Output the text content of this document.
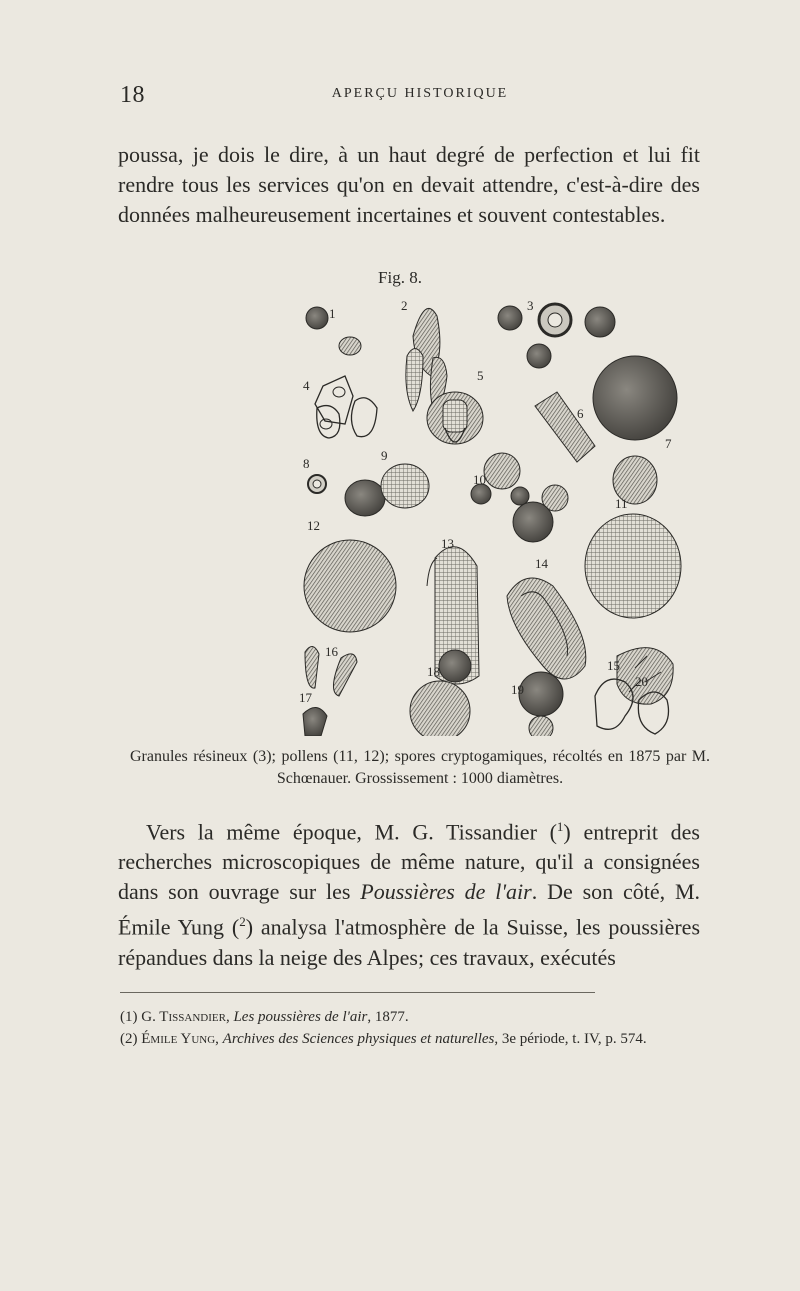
18	APERÇU HISTORIQUE

poussa, je dois le dire, à un haut degré de perfection et lui fit rendre tous les services qu'on en devait attendre, c'est-à-dire des données malheureusement incertaines et souvent contestables.

Fig. 8.
1
2	3
4
5
6
7
8
9
10
11
12
13
14
15
16
17
18
19
20

Granules résineux (3); pollens (11, 12); spores cryptogamiques, récoltés en 1875 par M. Schœnauer. Grossissement : 1000 diamètres.

Vers la même époque, M. G. Tissandier ($^1$) entreprit des recherches microscopiques de même nature, qu'il a consignées dans son ouvrage sur les Poussières de l'air. De son côté, M. Émile Yung ($^2$) analysa l'atmosphère de la Suisse, les poussières répandues dans la neige des Alpes; ces travaux, exécutés

(1) G. Tissandier, Les poussières de l'air, 1877.

(2) Émile Yung, Archives des Sciences physiques et naturelles, 3e période, t. IV, p. 574.
